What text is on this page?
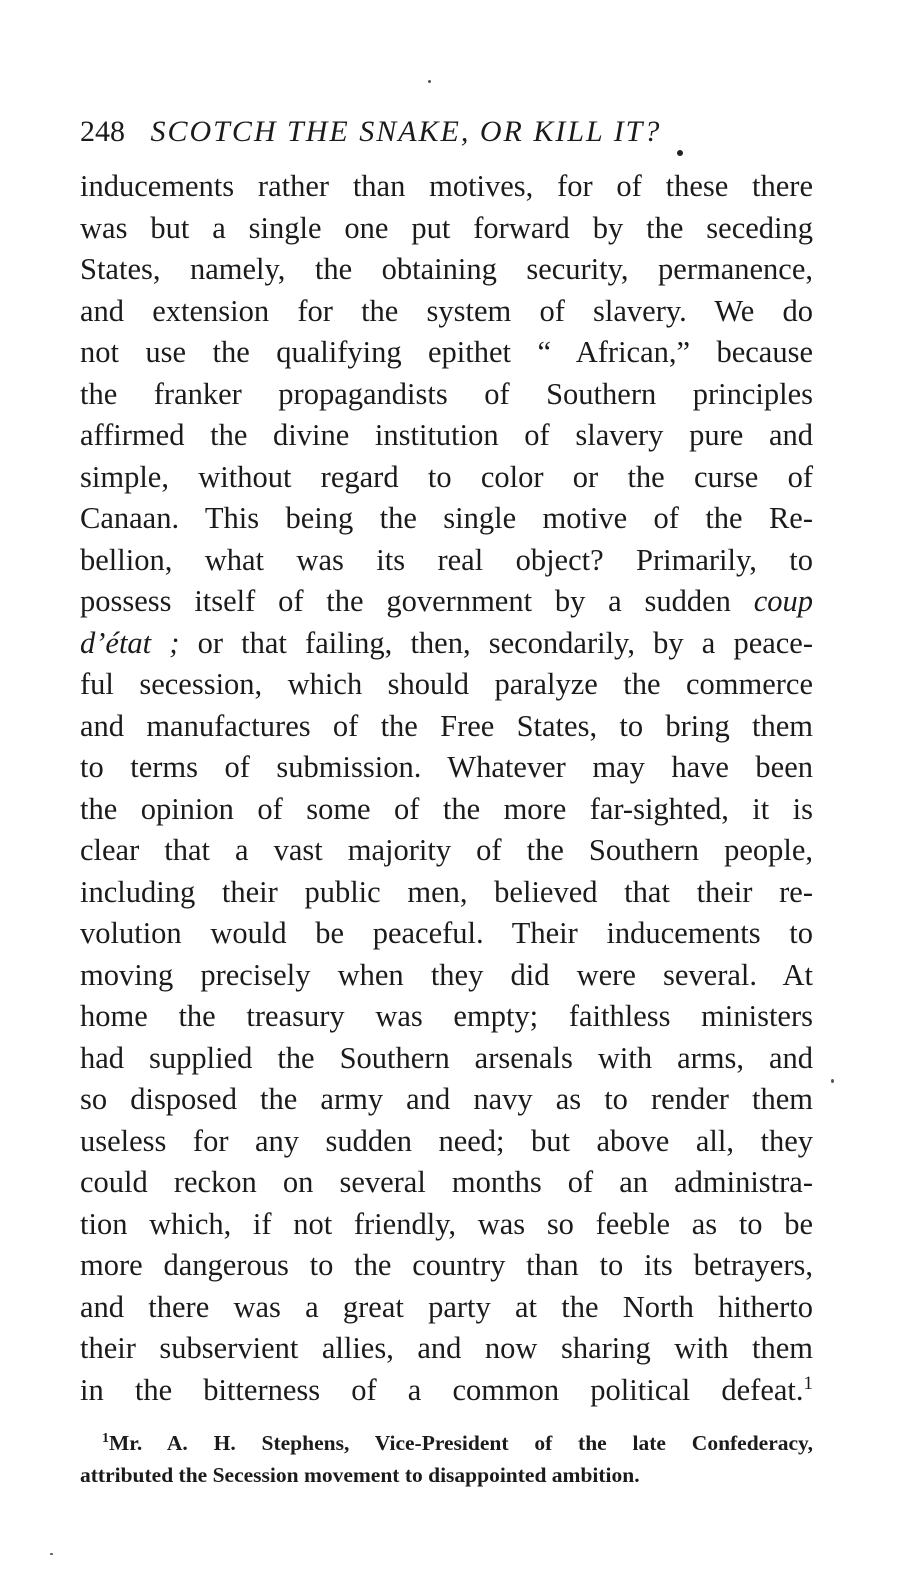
248 SCOTCH THE SNAKE, OR KILL IT?
inducements rather than motives, for of these there
was but a single one put forward by the seceding
States, namely, the obtaining security, permanence,
and extension for the system of slavery. We do
not use the qualifying epithet “ African,” because
the franker propagandists of Southern principles
affirmed the divine institution of slavery pure and
simple, without regard to color or the curse of
Canaan. This being the single motive of the Re-
bellion, what was its real object? Primarily, to
possess itself of the government by a sudden coup
d’état ; or that failing, then, secondarily, by a peace-
ful secession, which should paralyze the commerce
and manufactures of the Free States, to bring them
to terms of submission. Whatever may have been
the opinion of some of the more far-sighted, it is
clear that a vast majority of the Southern people,
including their public men, believed that their re-
volution would be peaceful. Their inducements to
moving precisely when they did were several. At
home the treasury was empty; faithless ministers
had supplied the Southern arsenals with arms, and
so disposed the army and navy as to render them
useless for any sudden need; but above all, they
could reckon on several months of an administra-
tion which, if not friendly, was so feeble as to be
more dangerous to the country than to its betrayers,
and there was a great party at the North hitherto
their subservient allies, and now sharing with them
in the bitterness of a common political defeat.$^1$
$^1$Mr. A. H. Stephens, Vice-President of the late Confederacy,
attributed the Secession movement to disappointed ambition.
